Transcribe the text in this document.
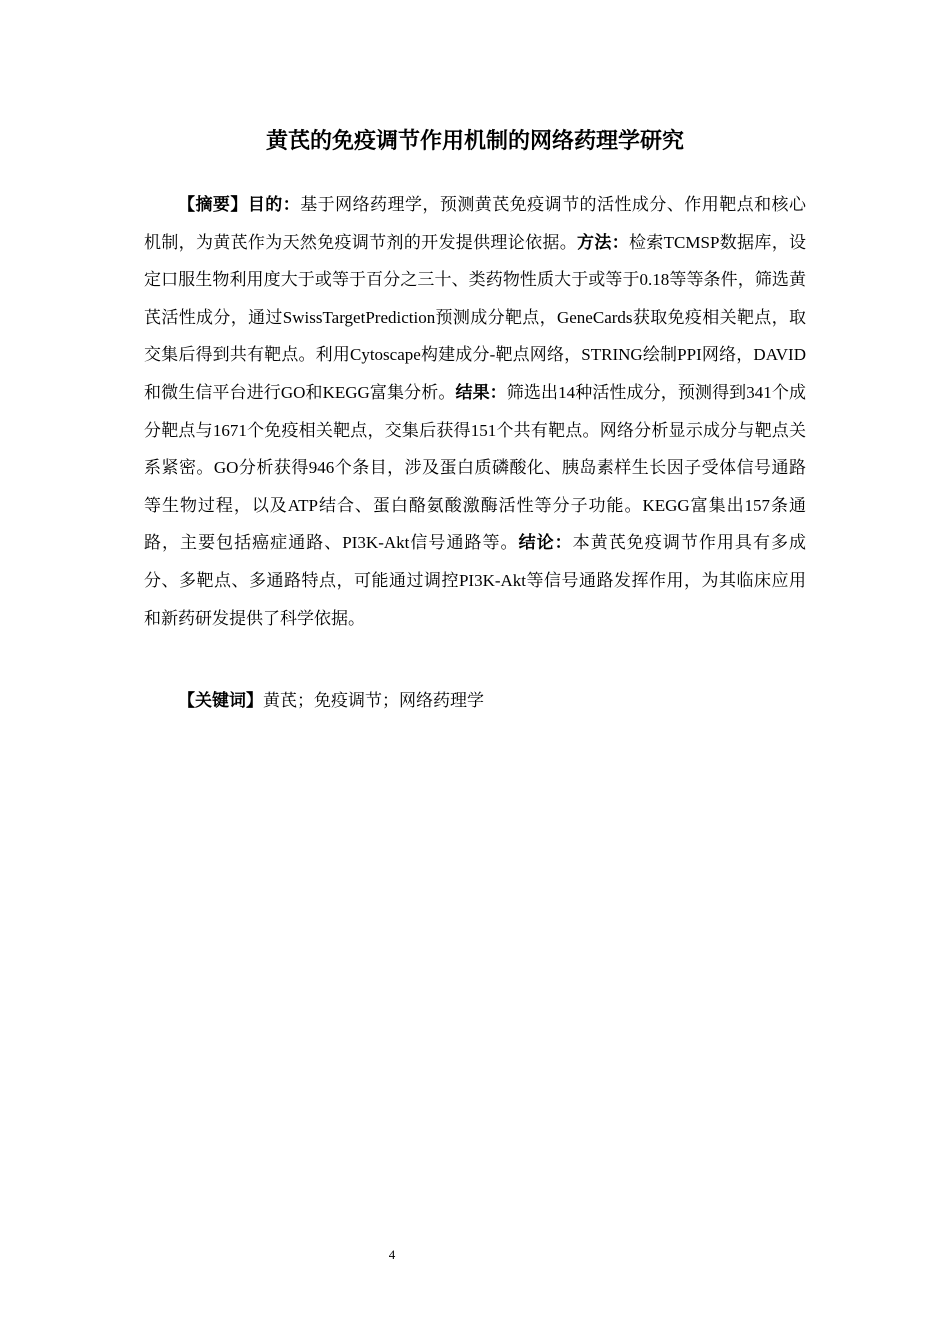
黄芪的免疫调节作用机制的网络药理学研究

【摘要】目的：基于网络药理学，预测黄芪免疫调节的活性成分、作用靶点和核心机制，为黄芪作为天然免疫调节剂的开发提供理论依据。方法：检索TCMSP数据库，设定口服生物利用度大于或等于百分之三十、类药物性质大于或等于0.18等等条件，筛选黄芪活性成分，通过SwissTargetPrediction预测成分靶点，GeneCards获取免疫相关靶点，取交集后得到共有靶点。利用Cytoscape构建成分-靶点网络，STRING绘制PPI网络，DAVID和微生信平台进行GO和KEGG富集分析。结果：筛选出14种活性成分，预测得到341个成分靶点与1671个免疫相关靶点，交集后获得151个共有靶点。网络分析显示成分与靶点关系紧密。GO分析获得946个条目，涉及蛋白质磷酸化、胰岛素样生长因子受体信号通路等生物过程，以及ATP结合、蛋白酪氨酸激酶活性等分子功能。KEGG富集出157条通路，主要包括癌症通路、PI3K-Akt信号通路等。结论：本黄芪免疫调节作用具有多成分、多靶点、多通路特点，可能通过调控PI3K-Akt等信号通路发挥作用，为其临床应用和新药研发提供了科学依据。

【关键词】黄芪；免疫调节；网络药理学

4
